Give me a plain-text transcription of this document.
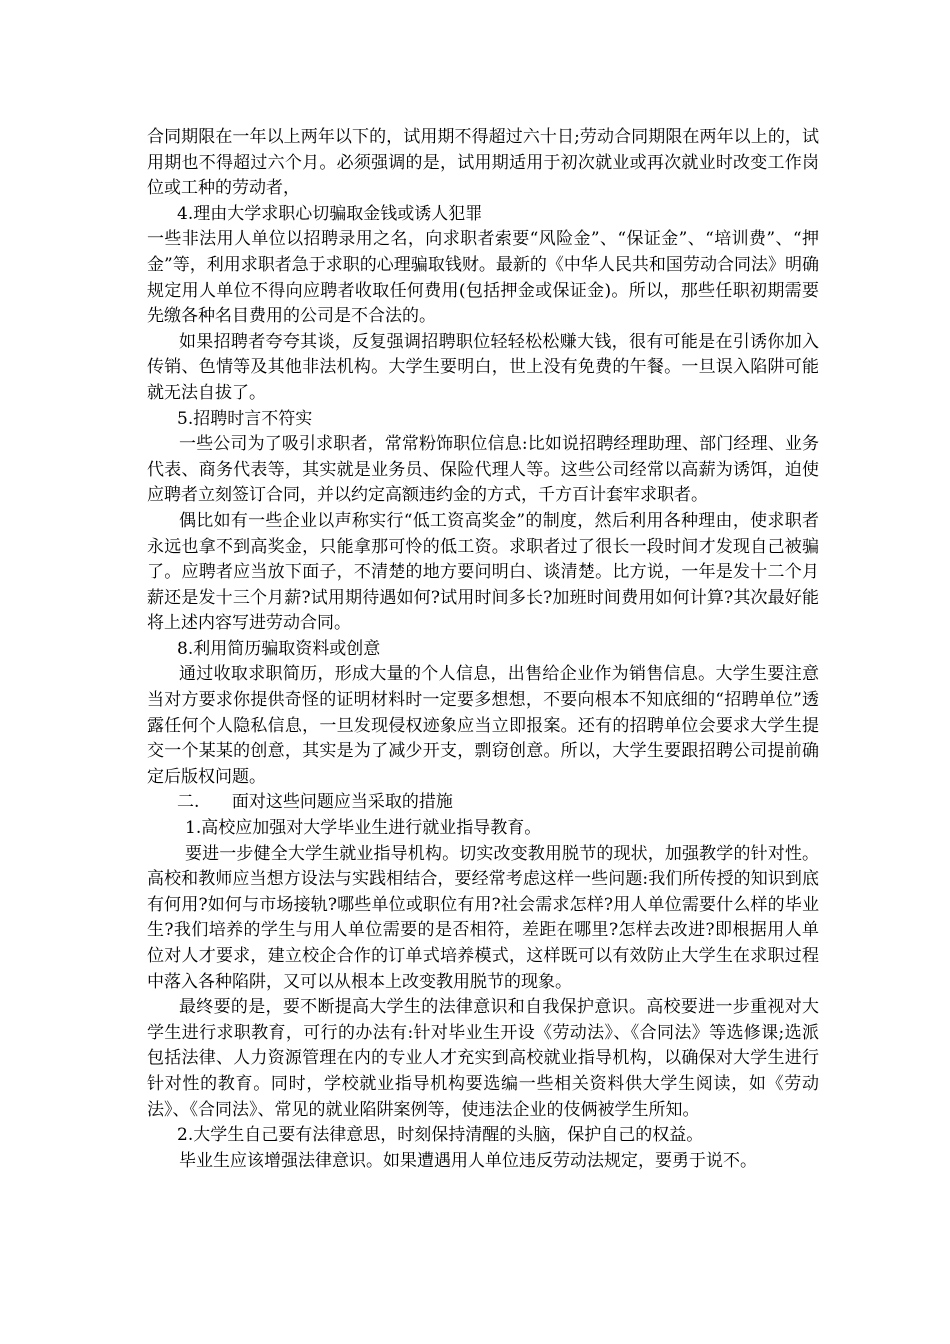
合同期限在一年以上两年以下的，试用期不得超过六十日;劳动合同期限在两年以上的，试用期也不得超过六个月。必须强调的是，试用期适用于初次就业或再次就业时改变工作岗位或工种的劳动者，

4.理由大学求职心切骗取金钱或诱人犯罪

一些非法用人单位以招聘录用之名，向求职者索要“风险金”、“保证金”、“培训费”、“押金”等，利用求职者急于求职的心理骗取钱财。最新的《中华人民共和国劳动合同法》明确规定用人单位不得向应聘者收取任何费用(包括押金或保证金)。所以，那些任职初期需要先缴各种名目费用的公司是不合法的。

如果招聘者夸夸其谈，反复强调招聘职位轻轻松松赚大钱，很有可能是在引诱你加入传销、色情等及其他非法机构。大学生要明白，世上没有免费的午餐。一旦误入陷阱可能就无法自拔了。

5.招聘时言不符实

一些公司为了吸引求职者，常常粉饰职位信息:比如说招聘经理助理、部门经理、业务代表、商务代表等，其实就是业务员、保险代理人等。这些公司经常以高薪为诱饵，迫使应聘者立刻签订合同，并以约定高额违约金的方式，千方百计套牢求职者。

偶比如有一些企业以声称实行“低工资高奖金”的制度，然后利用各种理由，使求职者永远也拿不到高奖金，只能拿那可怜的低工资。求职者过了很长一段时间才发现自己被骗了。应聘者应当放下面子，不清楚的地方要问明白、谈清楚。比方说，一年是发十二个月薪还是发十三个月薪?试用期待遇如何?试用时间多长?加班时间费用如何计算?其次最好能将上述内容写进劳动合同。

8.利用简历骗取资料或创意

通过收取求职简历，形成大量的个人信息，出售给企业作为销售信息。大学生要注意当对方要求你提供奇怪的证明材料时一定要多想想，不要向根本不知底细的“招聘单位”透露任何个人隐私信息，一旦发现侵权迹象应当立即报案。还有的招聘单位会要求大学生提交一个某某的创意，其实是为了减少开支，剽窃创意。所以，大学生要跟招聘公司提前确定后版权问题。

二.      面对这些问题应当采取的措施

1.高校应加强对大学毕业生进行就业指导教育。

要进一步健全大学生就业指导机构。切实改变教用脱节的现状，加强教学的针对性。高校和教师应当想方设法与实践相结合，要经常考虑这样一些问题:我们所传授的知识到底有何用?如何与市场接轨?哪些单位或职位有用?社会需求怎样?用人单位需要什么样的毕业生?我们培养的学生与用人单位需要的是否相符，差距在哪里?怎样去改进?即根据用人单位对人才要求，建立校企合作的订单式培养模式，这样既可以有效防止大学生在求职过程中落入各种陷阱，又可以从根本上改变教用脱节的现象。

最终要的是，要不断提高大学生的法律意识和自我保护意识。高校要进一步重视对大学生进行求职教育，可行的办法有:针对毕业生开设《劳动法》、《合同法》等选修课;选派包括法律、人力资源管理在内的专业人才充实到高校就业指导机构，以确保对大学生进行针对性的教育。同时，学校就业指导机构要选编一些相关资料供大学生阅读，如《劳动法》、《合同法》、常见的就业陷阱案例等，使违法企业的伎俩被学生所知。

2.大学生自己要有法律意思，时刻保持清醒的头脑，保护自己的权益。

毕业生应该增强法律意识。如果遭遇用人单位违反劳动法规定，要勇于说不。
